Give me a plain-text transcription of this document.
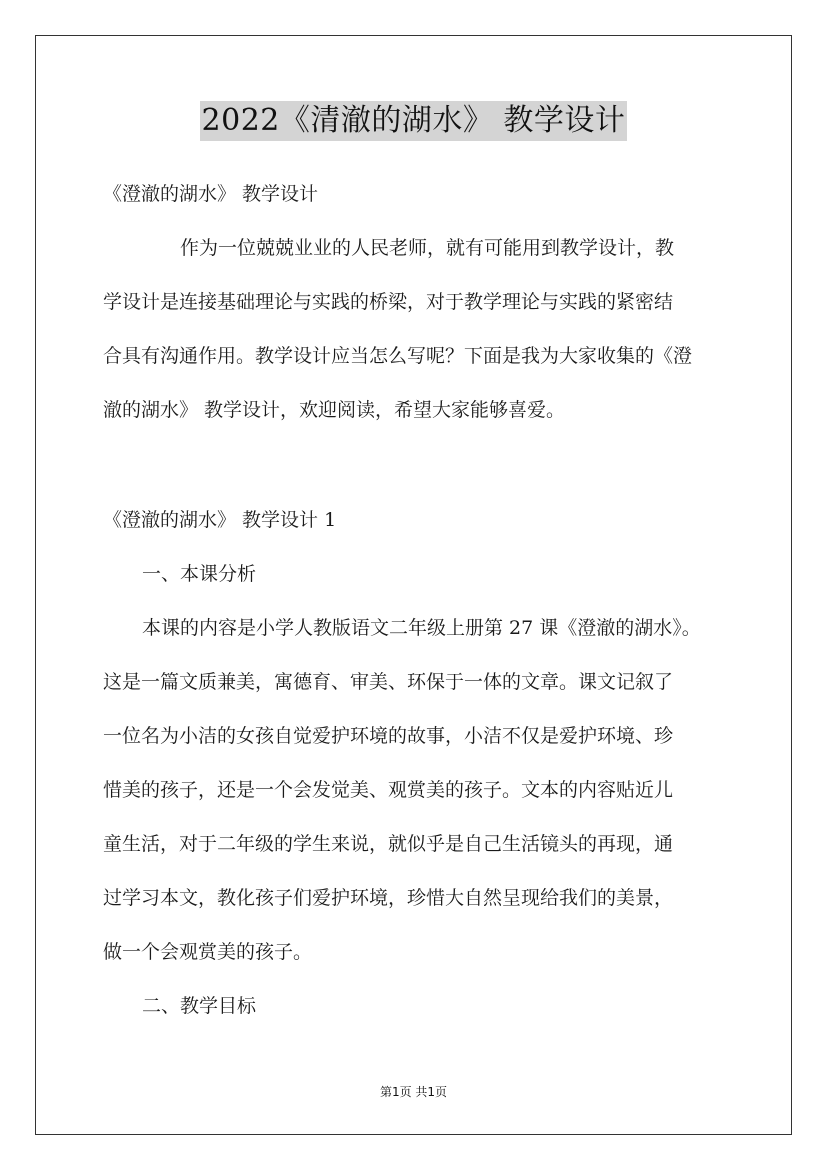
2022《清澈的湖水》 教学设计
《澄澈的湖水》 教学设计
作为一位兢兢业业的人民老师，就有可能用到教学设计，教
学设计是连接基础理论与实践的桥梁，对于教学理论与实践的紧密结
合具有沟通作用。教学设计应当怎么写呢？下面是我为大家收集的《澄
澈的湖水》 教学设计，欢迎阅读，希望大家能够喜爱。
《澄澈的湖水》 教学设计 1
一、本课分析
本课的内容是小学人教版语文二年级上册第 27 课《澄澈的湖水》。
这是一篇文质兼美，寓德育、审美、环保于一体的文章。课文记叙了
一位名为小洁的女孩自觉爱护环境的故事，小洁不仅是爱护环境、珍
惜美的孩子，还是一个会发觉美、观赏美的孩子。文本的内容贴近儿
童生活，对于二年级的学生来说，就似乎是自己生活镜头的再现，通
过学习本文，教化孩子们爱护环境，珍惜大自然呈现给我们的美景，
做一个会观赏美的孩子。
二、教学目标
第1页 共1页
